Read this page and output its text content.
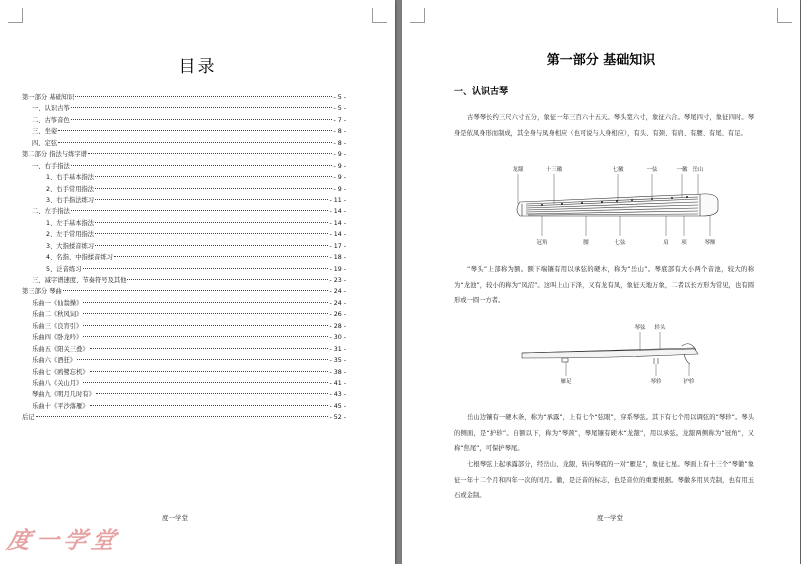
目录
第一部分 基础知识	- 5 -
一、认识古筝	- 5 -
二、古筝音色	- 7 -
三、坐姿	- 8 -
四、定弦	- 8 -
第二部分 指法与练字谱	- 9 -
一、右手指法	- 9 -
1、右手基本指法	- 9 -
2、右手常用指法	- 9 -
3、右手指法练习	- 11 -
二、左手指法	- 14 -
1、左手基本指法	- 14 -
2、左手常用指法	- 14 -
3、大指揉音练习	- 17 -
4、名指、中指揉音练习	- 18 -
5、泛音练习	- 19 -
三、减字谱速度、节奏符号及其他	- 23 -
第三部分 琴曲	- 24 -
乐曲一《仙翁操》	- 24 -
乐曲二《秋风词》	- 26 -
乐曲三《良宵引》	- 28 -
乐曲四《卧龙吟》	- 30 -
乐曲五《阳关三叠》	- 31 -
乐曲六《酒狂》	- 35 -
乐曲七《鸥鹭忘机》	- 38 -
乐曲八《关山月》	- 41 -
琴曲九《明月几时有》	- 43 -
乐曲十《平沙落雁》	- 45 -
后记	- 52 -
度一学堂
度一学堂
第一部分 基础知识
一、认识古琴

古琴琴长约三尺六寸五分，象征一年三百六十五天。琴头宽六寸，象征六合。琴尾四寸，象征四时。琴身是依凤身形而制成，其全身与凤身相应（也可说与人身相应），有头、有颈、有肩、有腰、有尾、有足。

龙龈	十三徽	七徽	一弦	一徽 岳山
冠角	腰	七弦	肩 项	琴额

“琴头”上部称为额。额下端镶有用以承弦的硬木，称为“岳山”。琴底部有大小两个音池，较大的称为“龙池”，较小的称为“凤沼”。这叫上山下泽，又有龙有凤，象征天地万象，二者以长方形为常见，也有圆形或一圆一方者。

琴弦 轸头
雁足	琴轸	护轸

岳山边镶有一硬木条，称为“承露”，上有七个“弦眼”，穿系琴弦。其下有七个用以调弦的“琴轸”。琴头的侧面，是“护轸”。自额以下，称为“琴颈”，琴尾镶有硬木“龙龈”，用以承弦。龙龈两侧称为“冠角”，又称“焦尾”，可保护琴尾。

七根琴弦上起承露部分，经岳山、龙龈，转向琴底的一对“雁足”，象征七星。琴面上有十三个“琴徽”象征一年十二个月和四年一次的闰月。徽，是泛音的标志，也是音位的重要根据。琴徽多用贝壳制，也有用玉石或金制。

度一学堂
